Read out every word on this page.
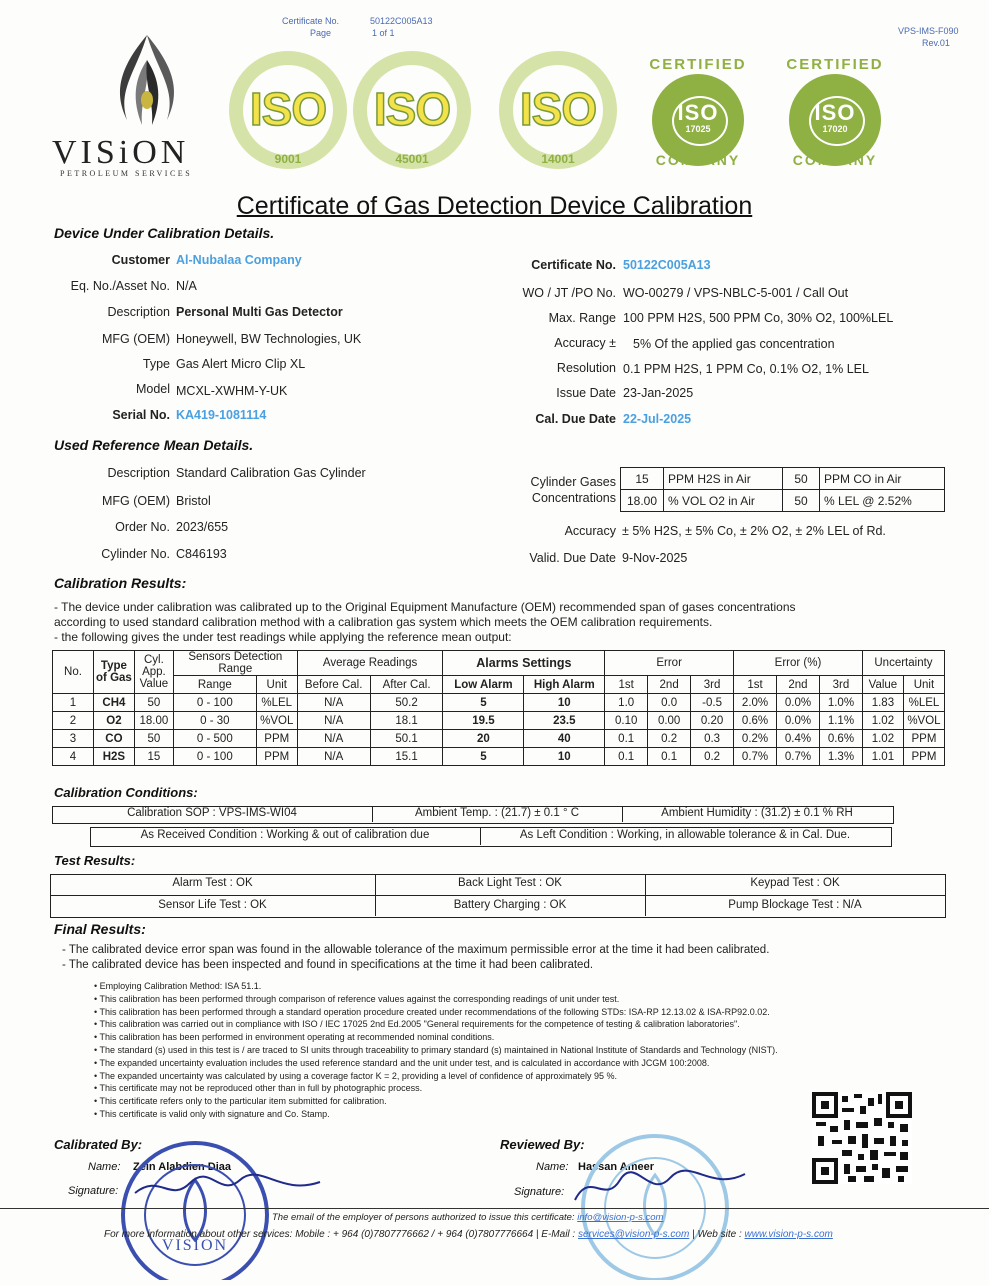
Certificate No.	50122C005A13
Page	1 of 1	VPS-IMS-F090
Rev.01
VISiON
PETROLEUM SERVICES
ISO
9001
ISO
45001
ISO
14001
CERTIFIED
ISO
17025
COMPANY
CERTIFIED
ISO
17020
COMPANY
Certificate of Gas Detection Device Calibration
Device Under Calibration Details.
Customer Al-Nubalaa Company
Eq. No./Asset No. N/A
Description Personal Multi Gas Detector
MFG (OEM) Honeywell, BW Technologies, UK
Type Gas Alert Micro Clip XL
Model MCXL-XWHM-Y-UK
Serial No. KA419-1081114
Certificate No. 50122C005A13
WO / JT /PO No. WO-00279 / VPS-NBLC-5-001 / Call Out
Max. Range 100 PPM H2S, 500 PPM Co, 30% O2, 100%LEL
Accuracy ± 5% Of the applied gas concentration
Resolution 0.1 PPM H2S, 1 PPM Co, 0.1% O2, 1% LEL
Issue Date 23-Jan-2025
Cal. Due Date 22-Jul-2025
Used Reference Mean Details.
Description Standard Calibration Gas Cylinder
MFG (OEM) Bristol
Order No. 2023/655
Cylinder No. C846193
Cylinder Gases
Concentrations
15	PPM H2S in Air	50	PPM CO in Air
18.00	% VOL O2 in Air	50	% LEL @ 2.52%
Accuracy ± 5% H2S, ± 5% Co, ± 2% O2, ± 2% LEL of Rd.
Valid. Due Date 9-Nov-2025
Calibration Results:
- The device under calibration was calibrated up to the Original Equipment Manufacture (OEM) recommended span of gases concentrations
according to used standard calibration method with a calibration gas system which meets the OEM calibration requirements.
- the following gives the under test readings while applying the reference mean output:
No.	Type of Gas	Cyl. App. Value	Sensors Detection Range		Average Readings		Alarms Settings		Error			Error (%)			Uncertainty	

			Range	Unit	Before Cal.	After Cal.	Low Alarm	High Alarm	1st	2nd	3rd	1st	2nd	3rd	Value	Unit
1	CH4	50	0 - 100	%LEL	N/A	50.2	5	10	1.0	0.0	-0.5	2.0%	0.0%	1.0%	1.83	%LEL
2	O2	18.00	0 - 30	%VOL	N/A	18.1	19.5	23.5	0.10	0.00	0.20	0.6%	0.0%	1.1%	1.02	%VOL
3	CO	50	0 - 500	PPM	N/A	50.1	20	40	0.1	0.2	0.3	0.2%	0.4%	0.6%	1.02	PPM
4	H2S	15	0 - 100	PPM	N/A	15.1	5	10	0.1	0.1	0.2	0.7%	0.7%	1.3%	1.01	PPM
Calibration Conditions:
Calibration SOP : VPS-IMS-WI04	Ambient Temp. : (21.7) ± 0.1 ° C	Ambient Humidity : (31.2) ± 0.1 % RH
As Received Condition : Working & out of calibration due	As Left Condition : Working, in allowable tolerance & in Cal. Due.
Test Results:
Alarm Test : OK	Back Light Test : OK	Keypad Test : OK
Sensor Life Test : OK	Battery Charging : OK	Pump Blockage Test : N/A
Final Results:
- The calibrated device error span was found in the allowable tolerance of the maximum permissible error at the time it had been calibrated.
- The calibrated device has been inspected and found in specifications at the time it had been calibrated.
• Employing Calibration Method: ISA 51.1.
• This calibration has been performed through comparison of reference values against the corresponding readings of unit under test.
• This calibration has been performed through a standard operation procedure created under recommendations of the following STDs: ISA-RP 12.13.02 & ISA-RP92.0.02.
• This calibration was carried out in compliance with ISO / IEC 17025 2nd Ed.2005 "General requirements for the competence of testing & calibration laboratories".
• This calibration has been performed in environment operating at recommended nominal conditions.
• The standard (s) used in this test is / are traced to SI units through traceability to primary standard (s) maintained in National Institute of Standards and Technology (NIST).
• The expanded uncertainty evaluation includes the used reference standard and the unit under test, and is calculated in accordance with JCGM 100:2008.
• The expanded uncertainty was calculated by using a coverage factor K = 2, providing a level of confidence of approximately 95 %.
• This certificate may not be reproduced other than in full by photographic process.
• This certificate refers only to the particular item submitted for calibration.
• This certificate is valid only with signature and Co. Stamp.
Calibrated By:	Reviewed By:
Name: Zein Alabdien Diaa
Signature:
Name: Hassan Ameer
Signature:
VISION
The email of the employer of persons authorized to issue this certificate: info@vision-p-s.com
For more information about other services: Mobile : + 964 (0)7807776662 / + 964 (0)7807776664 | E-Mail : services@vision-p-s.com | Web site : www.vision-p-s.com
